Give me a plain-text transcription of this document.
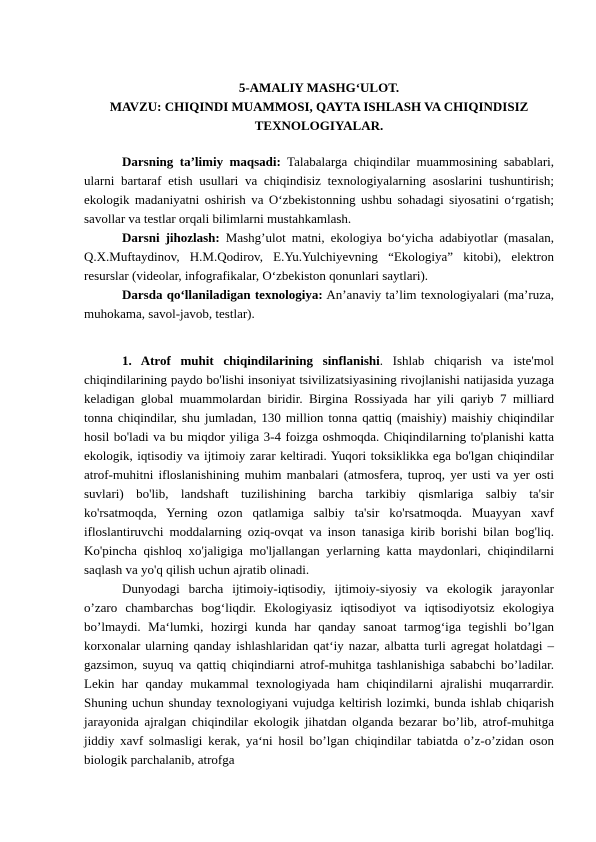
5-AMALIY MASHG‘ULOT.
MAVZU: CHIQINDI MUAMMOSI, QAYTA ISHLASH VA CHIQINDISIZ
TEXNOLOGIYALAR.

Darsning ta’limiy maqsadi: Talabalarga chiqindilar muammosining sabablari, ularni bartaraf etish usullari va chiqindisiz texnologiyalarning asoslarini tushuntirish; ekologik madaniyatni oshirish va O‘zbekistonning ushbu sohadagi siyosatini o‘rgatish; savollar va testlar orqali bilimlarni mustahkamlash.

Darsni jihozlash: Mashg’ulot matni, ekologiya bo‘yicha adabiyotlar (masalan, Q.X.Muftaydinov, H.M.Qodirov, E.Yu.Yulchiyevning “Ekologiya” kitobi), elektron resurslar (videolar, infografikalar, O‘zbekiston qonunlari saytlari).

Darsda qo‘llaniladigan texnologiya: An’anaviy ta’lim texnologiyalari (ma’ruza, muhokama, savol-javob, testlar).

1. Atrof muhit chiqindilarining sinflanishi. Ishlab chiqarish va iste'mol chiqindilarining paydo bo'lishi insoniyat tsivilizatsiyasining rivojlanishi natijasida yuzaga keladigan global muammolardan biridir. Birgina Rossiyada har yili qariyb 7 milliard tonna chiqindilar, shu jumladan, 130 million tonna qattiq (maishiy) maishiy chiqindilar hosil bo'ladi va bu miqdor yiliga 3-4 foizga oshmoqda. Chiqindilarning to'planishi katta ekologik, iqtisodiy va ijtimoiy zarar keltiradi. Yuqori toksiklikka ega bo'lgan chiqindilar atrof-muhitni ifloslanishining muhim manbalari (atmosfera, tuproq, yer usti va yer osti suvlari) bo'lib, landshaft tuzilishining barcha tarkibiy qismlariga salbiy ta'sir ko'rsatmoqda, Yerning ozon qatlamiga salbiy ta'sir ko'rsatmoqda. Muayyan xavf ifloslantiruvchi moddalarning oziq-ovqat va inson tanasiga kirib borishi bilan bog'liq. Ko'pincha qishloq xo'jaligiga mo'ljallangan yerlarning katta maydonlari, chiqindilarni saqlash va yo'q qilish uchun ajratib olinadi.

Dunyodagi barcha ijtimoiy-iqtisodiy, ijtimoiy-siyosiy va ekologik jarayonlar o’zaro chambarchas bog‘liqdir. Ekologiyasiz iqtisodiyot va iqtisodiyotsiz ekologiya bo’lmaydi. Ma‘lumki, hozirgi kunda har qanday sanoat tarmog‘iga tegishli bo’lgan korxonalar ularning qanday ishlashlaridan qat‘iy nazar, albatta turli agregat holatdagi – gazsimon, suyuq va qattiq chiqindiarni atrof-muhitga tashlanishiga sababchi bo’ladilar. Lekin har qanday mukammal texnologiyada ham chiqindilarni ajralishi muqarrardir. Shuning uchun shunday texnologiyani vujudga keltirish lozimki, bunda ishlab chiqarish jarayonida ajralgan chiqindilar ekologik jihatdan olganda bezarar bo’lib, atrof-muhitga jiddiy xavf solmasligi kerak, ya‘ni hosil bo’lgan chiqindilar tabiatda o’z-o’zidan oson biologik parchalanib, atrofga
